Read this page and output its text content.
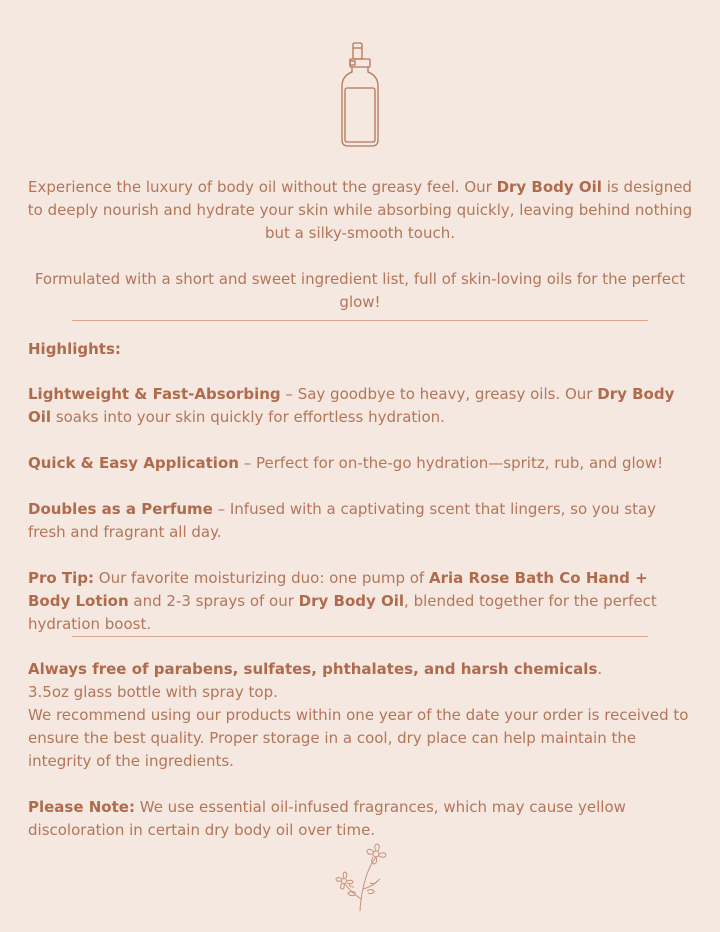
Experience the luxury of body oil without the greasy feel. Our Dry Body Oil is designed to deeply nourish and hydrate your skin while absorbing quickly, leaving behind nothing but a silky-smooth touch.

Formulated with a short and sweet ingredient list, full of skin-loving oils for the perfect glow!

Highlights:

Lightweight & Fast-Absorbing – Say goodbye to heavy, greasy oils. Our Dry Body Oil soaks into your skin quickly for effortless hydration.

Quick & Easy Application – Perfect for on-the-go hydration—spritz, rub, and glow!

Doubles as a Perfume – Infused with a captivating scent that lingers, so you stay fresh and fragrant all day.

Pro Tip: Our favorite moisturizing duo: one pump of Aria Rose Bath Co Hand + Body Lotion and 2-3 sprays of our Dry Body Oil, blended together for the perfect hydration boost.

Always free of parabens, sulfates, phthalates, and harsh chemicals.
3.5oz glass bottle with spray top.
We recommend using our products within one year of the date your order is received to ensure the best quality. Proper storage in a cool, dry place can help maintain the integrity of the ingredients.

Please Note: We use essential oil-infused fragrances, which may cause yellow discoloration in certain dry body oil over time.
